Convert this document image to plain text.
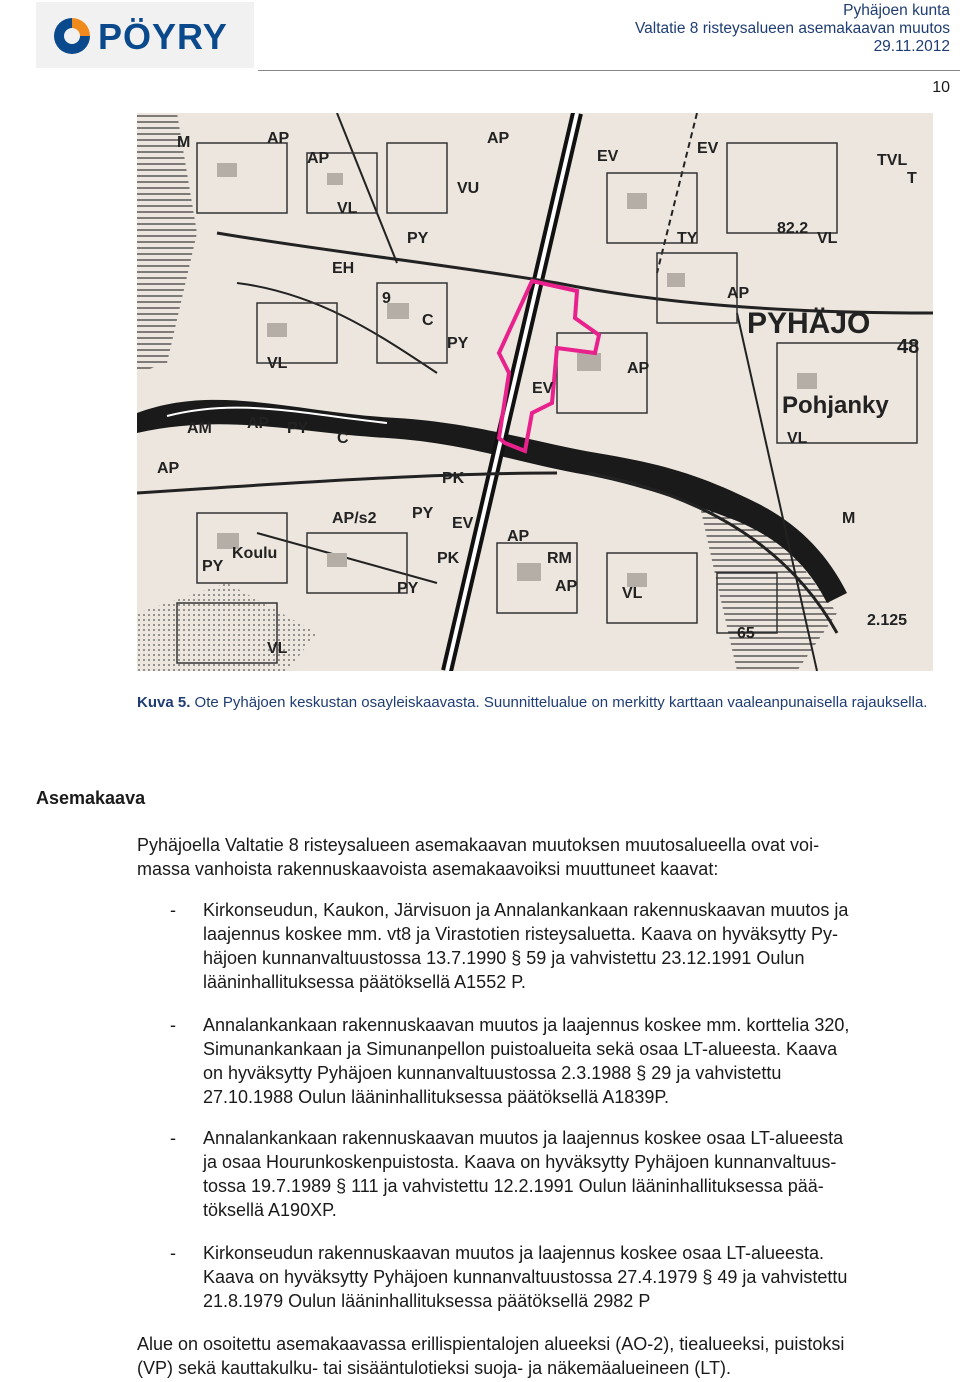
PÖYRY
Pyhäjoen kunta
Valtatie 8 risteysalueen asemakaavan muutos
29.11.2012
10
M	AP	AP
EV	EV
TVL
T
AP
VU
VL
PY	TY
82.2
VL
AP
EH
9
C	PYHÄJO
48
PY
AP
VL
EV
Pohjanky
AM AP PY
C	VL
AP
PK
M
AP/s2 PY
EV
AP
Koulu
PY	PK	RM
AP	VL
PY
VL
65
2.125
Kuva 5. Ote Pyhäjoen keskustan osayleiskaavasta. Suunnittelualue on merkitty karttaan vaaleanpunaisella rajauksella.
Asemakaava
Pyhäjoella Valtatie 8 risteysalueen asemakaavan muutoksen muutosalueella ovat voi-
massa vanhoista rakennuskaavoista asemakaavoiksi muuttuneet kaavat:
- Kirkonseudun, Kaukon, Järvisuon ja Annalankankaan rakennuskaavan muutos ja
laajennus koskee mm. vt8 ja Virastotien risteysaluetta. Kaava on hyväksytty Py-
häjoen kunnanvaltuustossa 13.7.1990 § 59 ja vahvistettu 23.12.1991 Oulun
lääninhallituksessa päätöksellä A1552 P.
- Annalankankaan rakennuskaavan muutos ja laajennus koskee mm. korttelia 320,
Simunankankaan ja Simunanpellon puistoalueita sekä osaa LT-alueesta. Kaava
on hyväksytty Pyhäjoen kunnanvaltuustossa 2.3.1988 § 29 ja vahvistettu
27.10.1988 Oulun lääninhallituksessa päätöksellä A1839P.
- Annalankankaan rakennuskaavan muutos ja laajennus koskee osaa LT-alueesta
ja osaa Hourunkoskenpuistosta. Kaava on hyväksytty Pyhäjoen kunnanvaltuus-
tossa 19.7.1989 § 111 ja vahvistettu 12.2.1991 Oulun lääninhallituksessa pää-
töksellä A190XP.
- Kirkonseudun rakennuskaavan muutos ja laajennus koskee osaa LT-alueesta.
Kaava on hyväksytty Pyhäjoen kunnanvaltuustossa 27.4.1979 § 49 ja vahvistettu
21.8.1979 Oulun lääninhallituksessa päätöksellä 2982 P
Alue on osoitettu asemakaavassa erillispientalojen alueeksi (AO-2), tiealueeksi, puistoksi
(VP) sekä kauttakulku- tai sisääntulotieksi suoja- ja näkemäalueineen (LT).
